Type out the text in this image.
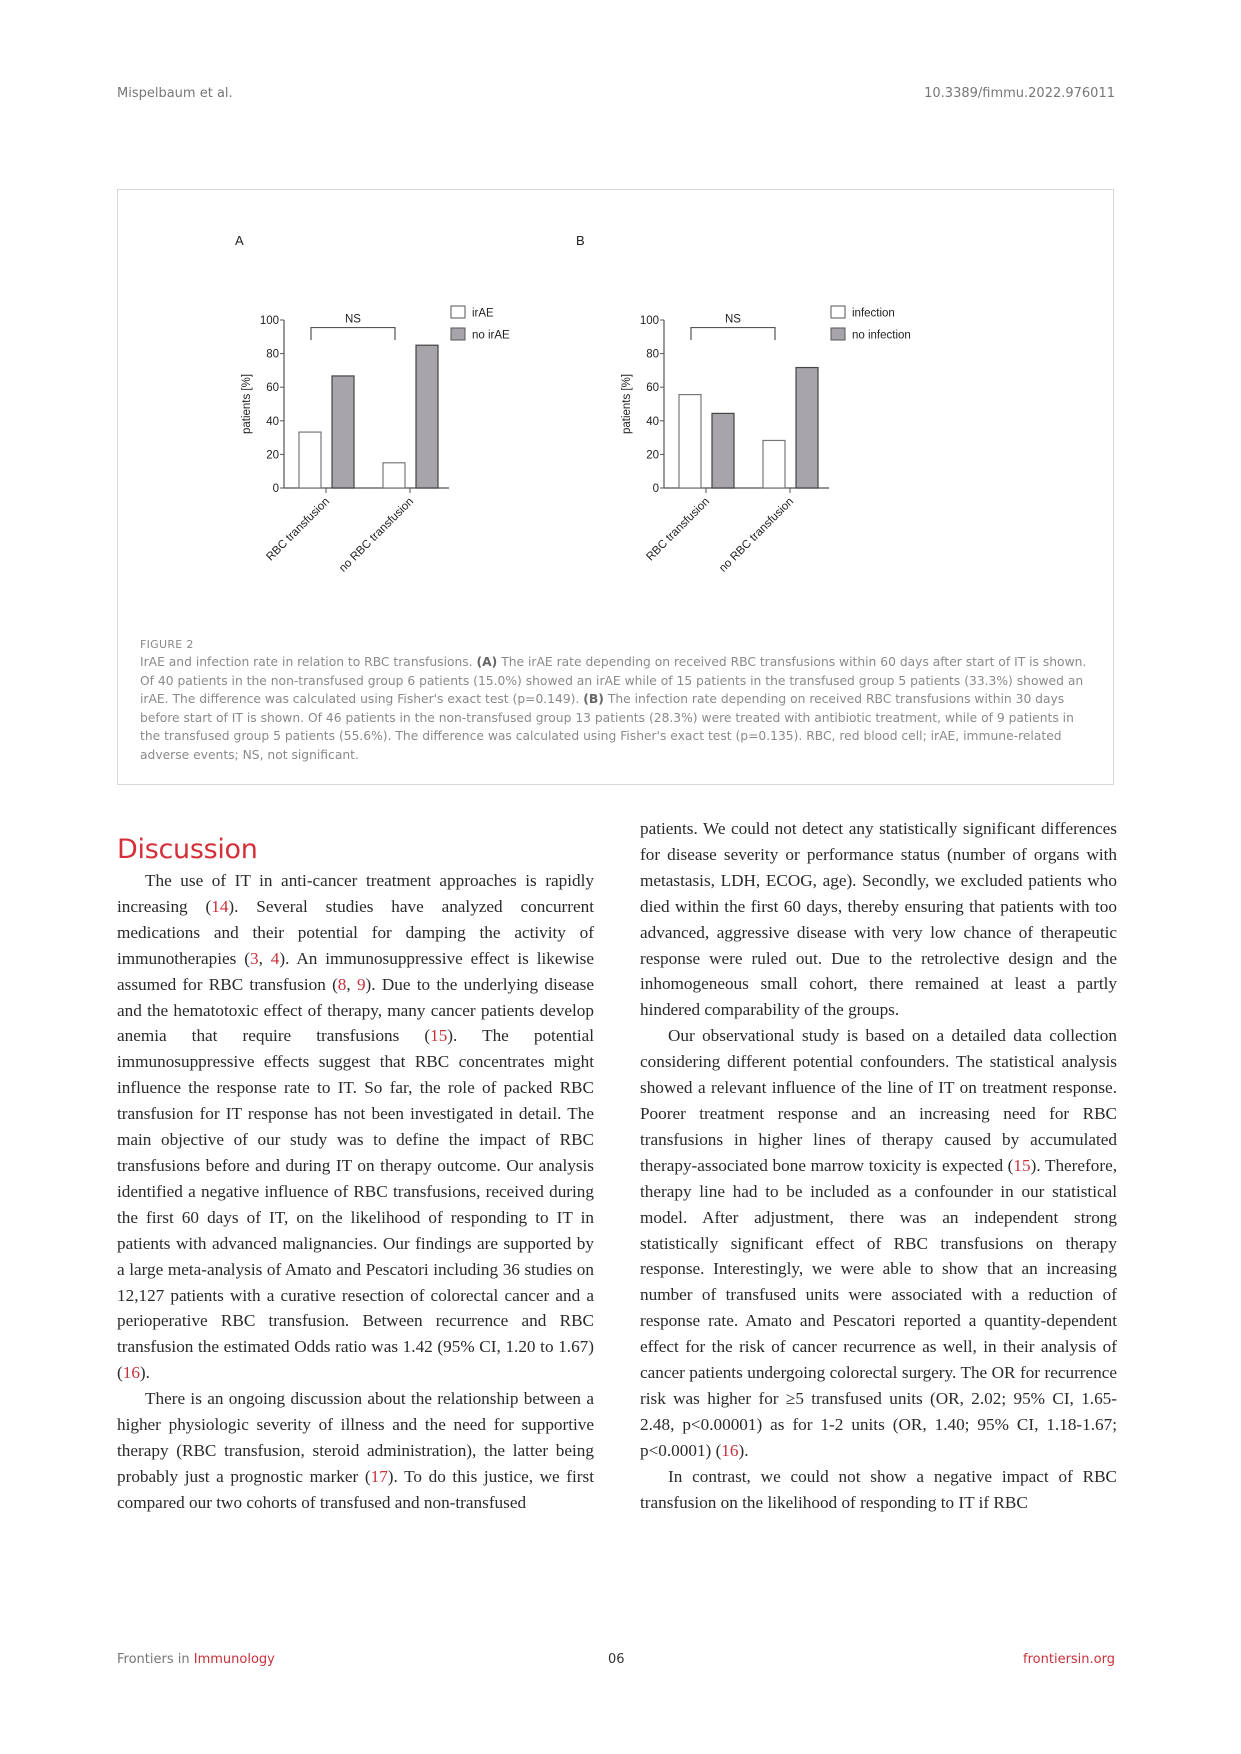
Mispelbaum et al.	10.3389/fimmu.2022.976011
A
0
20
40
60
80
100
patients [%]
RBC transfusion no RBC transfusion
NS
irAE
no irAE
B
0
20
40
60
80
100
patients [%]
RBC transfusion no RBC transfusion
NS
infection
no infection
FIGURE 2
IrAE and infection rate in relation to RBC transfusions. (A) The irAE rate depending on received RBC transfusions within 60 days after start of IT is shown. Of 40 patients in the non-transfused group 6 patients (15.0%) showed an irAE while of 15 patients in the transfused group 5 patients (33.3%) showed an irAE. The difference was calculated using Fisher's exact test (p=0.149). (B) The infection rate depending on received RBC transfusions within 30 days before start of IT is shown. Of 46 patients in the non-transfused group 13 patients (28.3%) were treated with antibiotic treatment, while of 9 patients in the transfused group 5 patients (55.6%). The difference was calculated using Fisher's exact test (p=0.135). RBC, red blood cell; irAE, immune-related adverse events; NS, not significant.
Discussion

The use of IT in anti-cancer treatment approaches is rapidly increasing (14). Several studies have analyzed concurrent medications and their potential for damping the activity of immunotherapies (3, 4). An immunosuppressive effect is likewise assumed for RBC transfusion (8, 9). Due to the underlying disease and the hematotoxic effect of therapy, many cancer patients develop anemia that require transfusions (15). The potential immunosuppressive effects suggest that RBC concentrates might influence the response rate to IT. So far, the role of packed RBC transfusion for IT response has not been investigated in detail. The main objective of our study was to define the impact of RBC transfusions before and during IT on therapy outcome. Our analysis identified a negative influence of RBC transfusions, received during the first 60 days of IT, on the likelihood of responding to IT in patients with advanced malignancies. Our findings are supported by a large meta-analysis of Amato and Pescatori including 36 studies on 12,127 patients with a curative resection of colorectal cancer and a perioperative RBC transfusion. Between recurrence and RBC transfusion the estimated Odds ratio was 1.42 (95% CI, 1.20 to 1.67) (16).

There is an ongoing discussion about the relationship between a higher physiologic severity of illness and the need for supportive therapy (RBC transfusion, steroid administration), the latter being probably just a prognostic marker (17). To do this justice, we first compared our two cohorts of transfused and non-transfused

patients. We could not detect any statistically significant differences for disease severity or performance status (number of organs with metastasis, LDH, ECOG, age). Secondly, we excluded patients who died within the first 60 days, thereby ensuring that patients with too advanced, aggressive disease with very low chance of therapeutic response were ruled out. Due to the retrolective design and the inhomogeneous small cohort, there remained at least a partly hindered comparability of the groups.

Our observational study is based on a detailed data collection considering different potential confounders. The statistical analysis showed a relevant influence of the line of IT on treatment response. Poorer treatment response and an increasing need for RBC transfusions in higher lines of therapy caused by accumulated therapy-associated bone marrow toxicity is expected (15). Therefore, therapy line had to be included as a confounder in our statistical model. After adjustment, there was an independent strong statistically significant effect of RBC transfusions on therapy response. Interestingly, we were able to show that an increasing number of transfused units were associated with a reduction of response rate. Amato and Pescatori reported a quantity-dependent effect for the risk of cancer recurrence as well, in their analysis of cancer patients undergoing colorectal surgery. The OR for recurrence risk was higher for ≥5 transfused units (OR, 2.02; 95% CI, 1.65-2.48, p<0.00001) as for 1-2 units (OR, 1.40; 95% CI, 1.18-1.67; p<0.0001) (16).

In contrast, we could not show a negative impact of RBC transfusion on the likelihood of responding to IT if RBC

Frontiers in Immunology	06	frontiersin.org
